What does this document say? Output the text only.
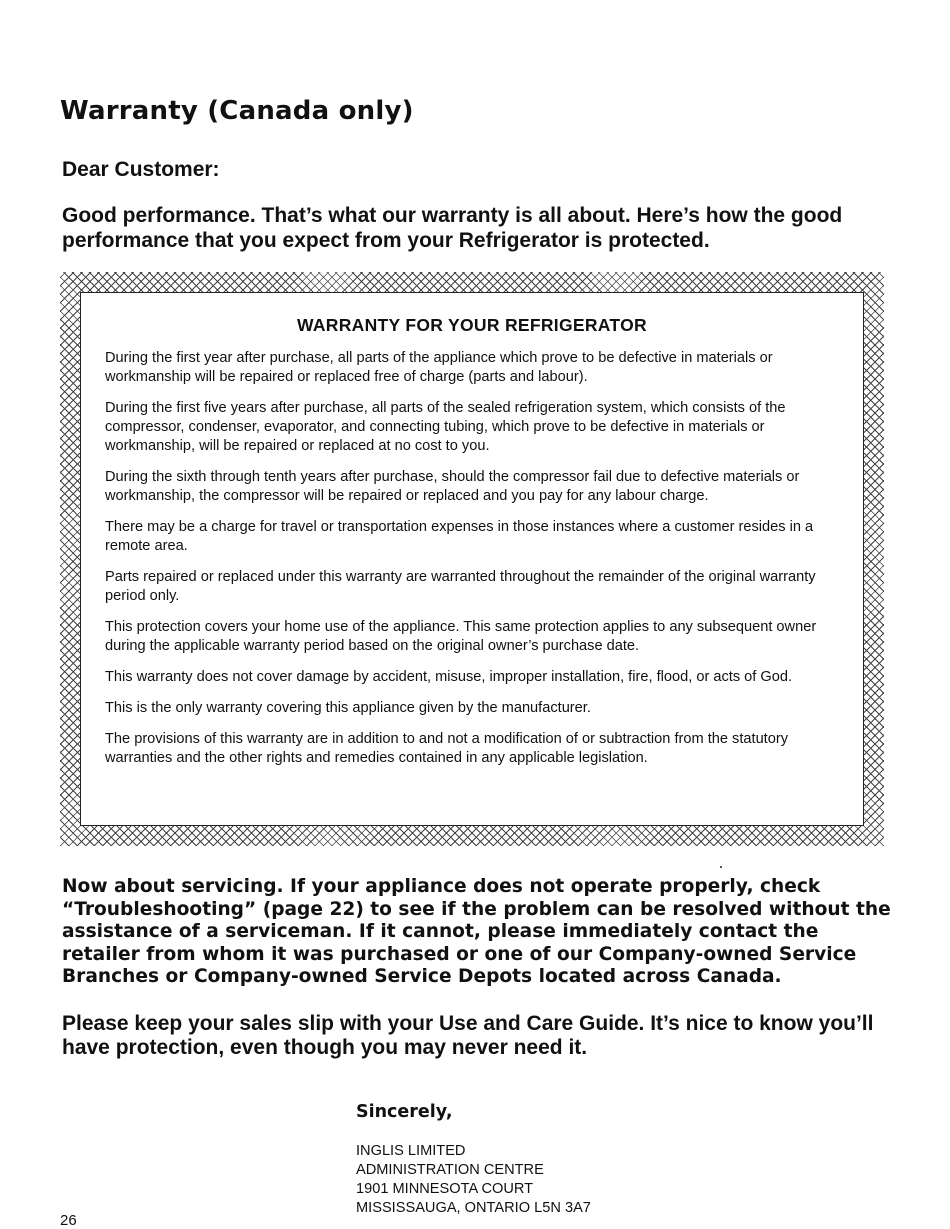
Warranty (Canada only)

Dear Customer:

Good performance. That’s what our warranty is all about. Here’s how the good performance that you expect from your Refrigerator is protected.

WARRANTY FOR YOUR REFRIGERATOR

During the first year after purchase, all parts of the appliance which prove to be defective in materials or workmanship will be repaired or replaced free of charge (parts and labour).

During the first five years after purchase, all parts of the sealed refrigeration system, which consists of the compressor, condenser, evaporator, and connecting tubing, which prove to be defective in materials or workmanship, will be repaired or replaced at no cost to you.

During the sixth through tenth years after purchase, should the compressor fail due to defective materials or workmanship, the compressor will be repaired or replaced and you pay for any labour charge.

There may be a charge for travel or transportation expenses in those instances where a customer resides in a remote area.

Parts repaired or replaced under this warranty are warranted throughout the remainder of the original warranty period only.

This protection covers your home use of the appliance. This same protection applies to any subsequent owner during the applicable warranty period based on the original owner’s purchase date.

This warranty does not cover damage by accident, misuse, improper installation, fire, flood, or acts of God.

This is the only warranty covering this appliance given by the manufacturer.

The provisions of this warranty are in addition to and not a modification of or subtraction from the statutory warranties and the other rights and remedies contained in any applicable legislation.

Now about servicing. If your appliance does not operate properly, check “Troubleshooting” (page 22) to see if the problem can be resolved without the assistance of a serviceman. If it cannot, please immediately contact the retailer from whom it was purchased or one of our Company-owned Service Branches or Company-owned Service Depots located across Canada.

Please keep your sales slip with your Use and Care Guide. It’s nice to know you’ll have protection, even though you may never need it.

Sincerely,

INGLIS LIMITED
ADMINISTRATION CENTRE
1901 MINNESOTA COURT
MISSISSAUGA, ONTARIO L5N 3A7
26
